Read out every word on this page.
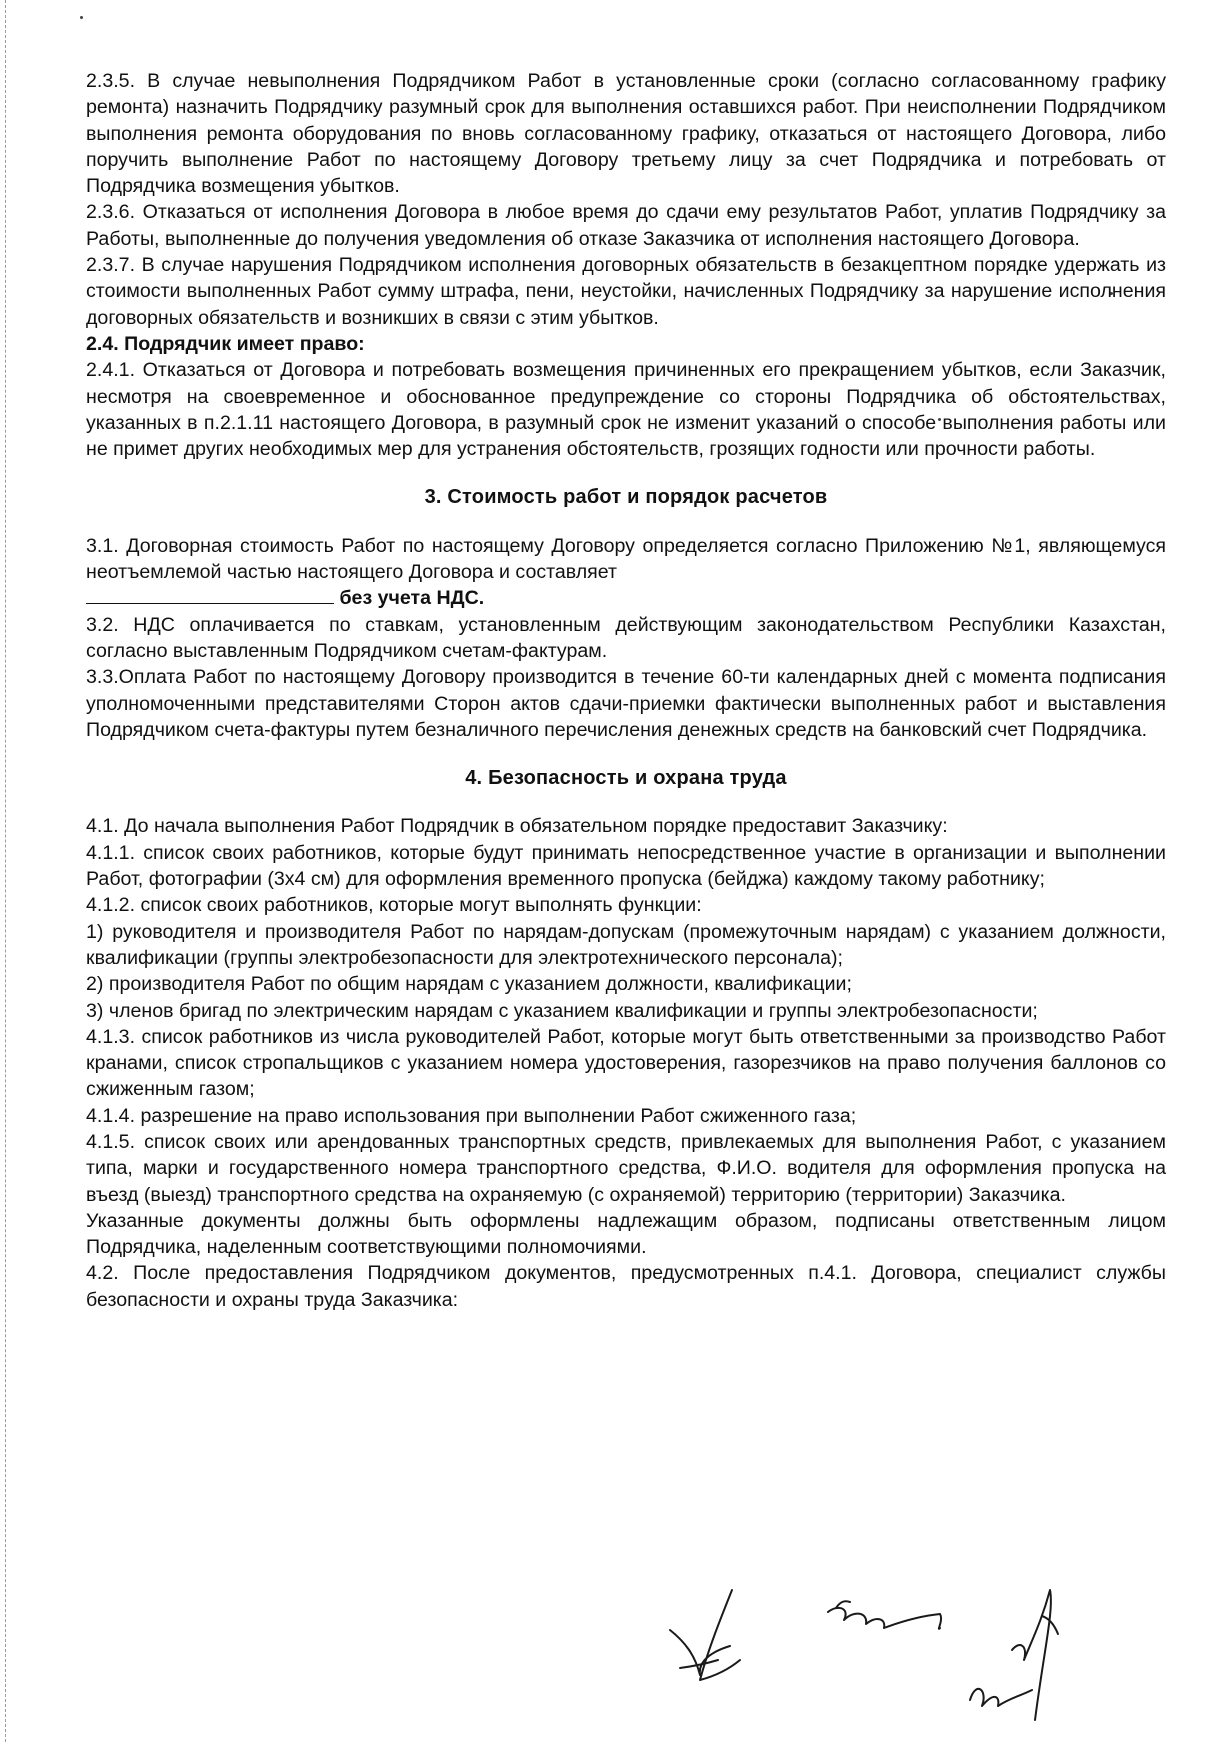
2.3.5. В случае невыполнения Подрядчиком Работ в установленные сроки (согласно согласованному графику ремонта) назначить Подрядчику разумный срок для выполнения оставшихся работ. При неисполнении Подрядчиком выполнения ремонта оборудования по вновь согласованному графику, отказаться от настоящего Договора, либо поручить выполнение Работ по настоящему Договору третьему лицу за счет Подрядчика и потребовать от Подрядчика возмещения убытков.

2.3.6. Отказаться от исполнения Договора в любое время до сдачи ему результатов Работ, уплатив Подрядчику за Работы, выполненные до получения уведомления об отказе Заказчика от исполнения настоящего Договора.

2.3.7. В случае нарушения Подрядчиком исполнения договорных обязательств в безакцептном порядке удержать из стоимости выполненных Работ сумму штрафа, пени, неустойки, начисленных Подрядчику за нарушение исполнения договорных обязательств и возникших в связи с этим убытков.

2.4. Подрядчик имеет право:

2.4.1. Отказаться от Договора и потребовать возмещения причиненных его прекращением убытков, если Заказчик, несмотря на своевременное и обоснованное предупреждение со стороны Подрядчика об обстоятельствах, указанных в п.2.1.11 настоящего Договора, в разумный срок не изменит указаний о способе выполнения работы или не примет других необходимых мер для устранения обстоятельств, грозящих годности или прочности работы.

3. Стоимость работ и порядок расчетов

3.1. Договорная стоимость Работ по настоящему Договору определяется согласно Приложению №1, являющемуся неотъемлемой частью настоящего Договора и составляет

без учета НДС.

3.2. НДС оплачивается по ставкам, установленным действующим законодательством Республики Казахстан, согласно выставленным Подрядчиком счетам-фактурам.

3.3.Оплата Работ по настоящему Договору производится в течение 60-ти календарных дней с момента подписания уполномоченными представителями Сторон актов сдачи-приемки фактически выполненных работ и выставления Подрядчиком счета-фактуры путем безналичного перечисления денежных средств на банковский счет Подрядчика.

4. Безопасность и охрана труда

4.1. До начала выполнения Работ Подрядчик в обязательном порядке предоставит Заказчику:

4.1.1. список своих работников, которые будут принимать непосредственное участие в организации и выполнении Работ, фотографии (3х4 см) для оформления временного пропуска (бейджа) каждому такому работнику;

4.1.2. список своих работников, которые могут выполнять функции:

1) руководителя и производителя Работ по нарядам-допускам (промежуточным нарядам) с указанием должности, квалификации (группы электробезопасности для электротехнического персонала);

2) производителя Работ по общим нарядам с указанием должности, квалификации;

3) членов бригад по электрическим нарядам с указанием квалификации и группы электробезопасности;

4.1.3. список работников из числа руководителей Работ, которые могут быть ответственными за производство Работ кранами, список стропальщиков с указанием номера удостоверения, газорезчиков на право получения баллонов со сжиженным газом;

4.1.4. разрешение на право использования при выполнении Работ сжиженного газа;

4.1.5. список своих или арендованных транспортных средств, привлекаемых для выполнения Работ, с указанием типа, марки и государственного номера транспортного средства, Ф.И.О. водителя для оформления пропуска на въезд (выезд) транспортного средства на охраняемую (с охраняемой) территорию (территории) Заказчика.

Указанные документы должны быть оформлены надлежащим образом, подписаны ответственным лицом Подрядчика, наделенным соответствующими полномочиями.

4.2. После предоставления Подрядчиком документов, предусмотренных п.4.1. Договора, специалист службы безопасности и охраны труда Заказчика:
